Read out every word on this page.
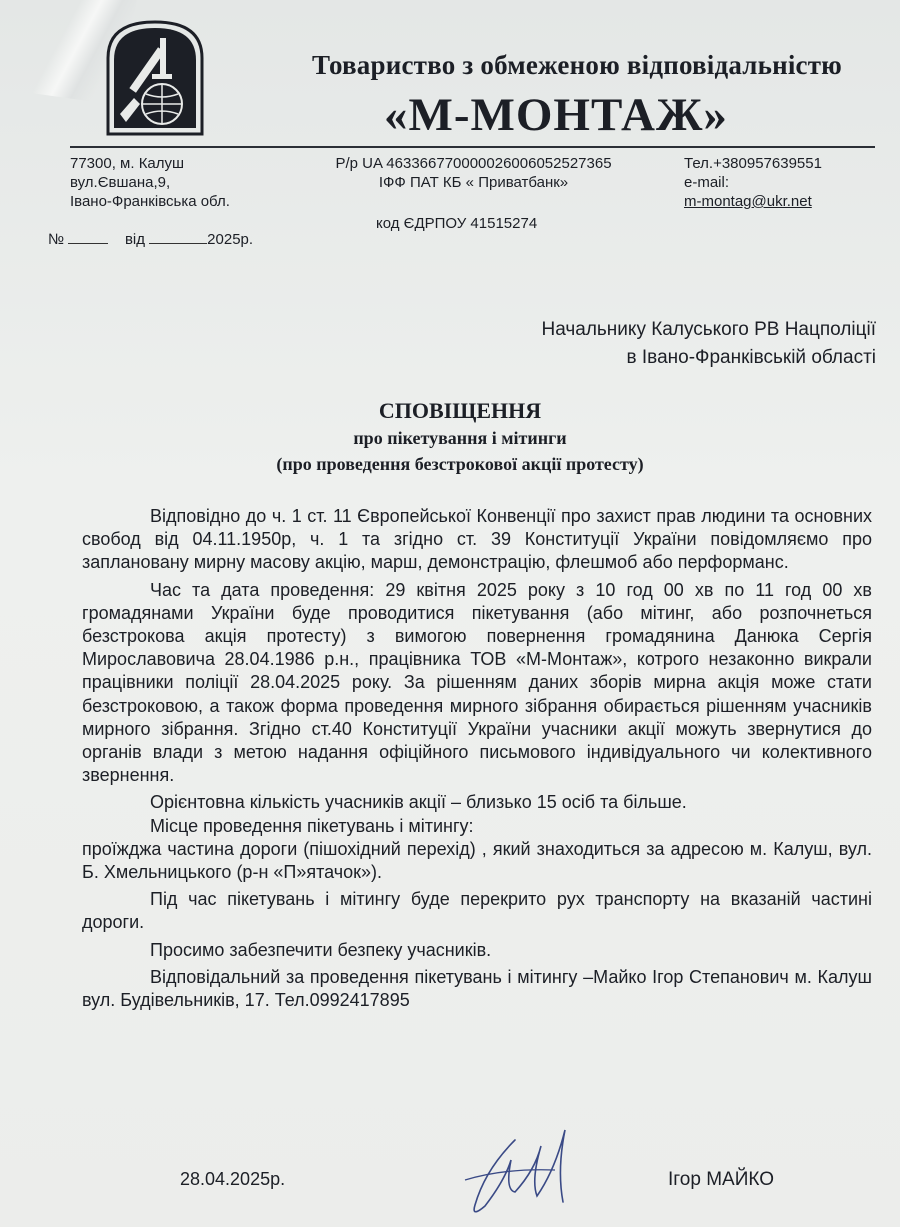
Товариство з обмеженою відповідальністю
«М-МОНТАЖ»
77300, м. Калуш
вул.Євшана,9,
Івано-Франківська обл.
Р/р UA 463366770000026006052527365
ІФФ ПАТ КБ « Приватбанк»
Тел.+380957639551
e-mail:
m-montag@ukr.net
код ЄДРПОУ 41515274
№	від	2025р.
Начальнику Калуського РВ Нацполіції
в Івано-Франківській області
СПОВІЩЕННЯ
про пікетування і мітинги
(про проведення безстрокової акції протесту)

Відповідно до ч. 1 ст. 11 Європейської Конвенції про захист прав людини та основних свобод від 04.11.1950р, ч. 1 та згідно ст. 39 Конституції України повідомляємо про заплановану мирну масову акцію, марш, демонстрацію, флешмоб або перформанс.

Час та дата проведення: 29 квітня 2025 року з 10 год 00 хв по 11 год 00 хв громадянами України буде проводитися пікетування (або мітинг, або розпочнеться безстрокова акція протесту) з вимогою повернення громадянина Данюка Сергія Мирославовича 28.04.1986 р.н., працівника ТОВ «М-Монтаж», котрого незаконно викрали працівники поліції 28.04.2025 року. За рішенням даних зборів мирна акція може стати безстроковою, а також форма проведення мирного зібрання обирається рішенням учасників мирного зібрання. Згідно ст.40 Конституції України учасники акції можуть звернутися до органів влади з метою надання офіційного письмового індивідуального чи колективного звернення.

Орієнтовна кількість учасників акції – близько 15 осіб та більше.

Місце проведення пікетувань і мітингу:

проїжджа частина дороги (пішохідний перехід) , який знаходиться за адресою м. Калуш, вул. Б. Хмельницького (р-н «П»ятачок»).

Під час пікетувань і мітингу буде перекрито рух транспорту на вказаній частині дороги.

Просимо забезпечити безпеку учасників.

Відповідальний за проведення пікетувань і мітингу –Майко Ігор Степанович м. Калуш вул. Будівельників, 17. Тел.0992417895

28.04.2025р.	Ігор МАЙКО
